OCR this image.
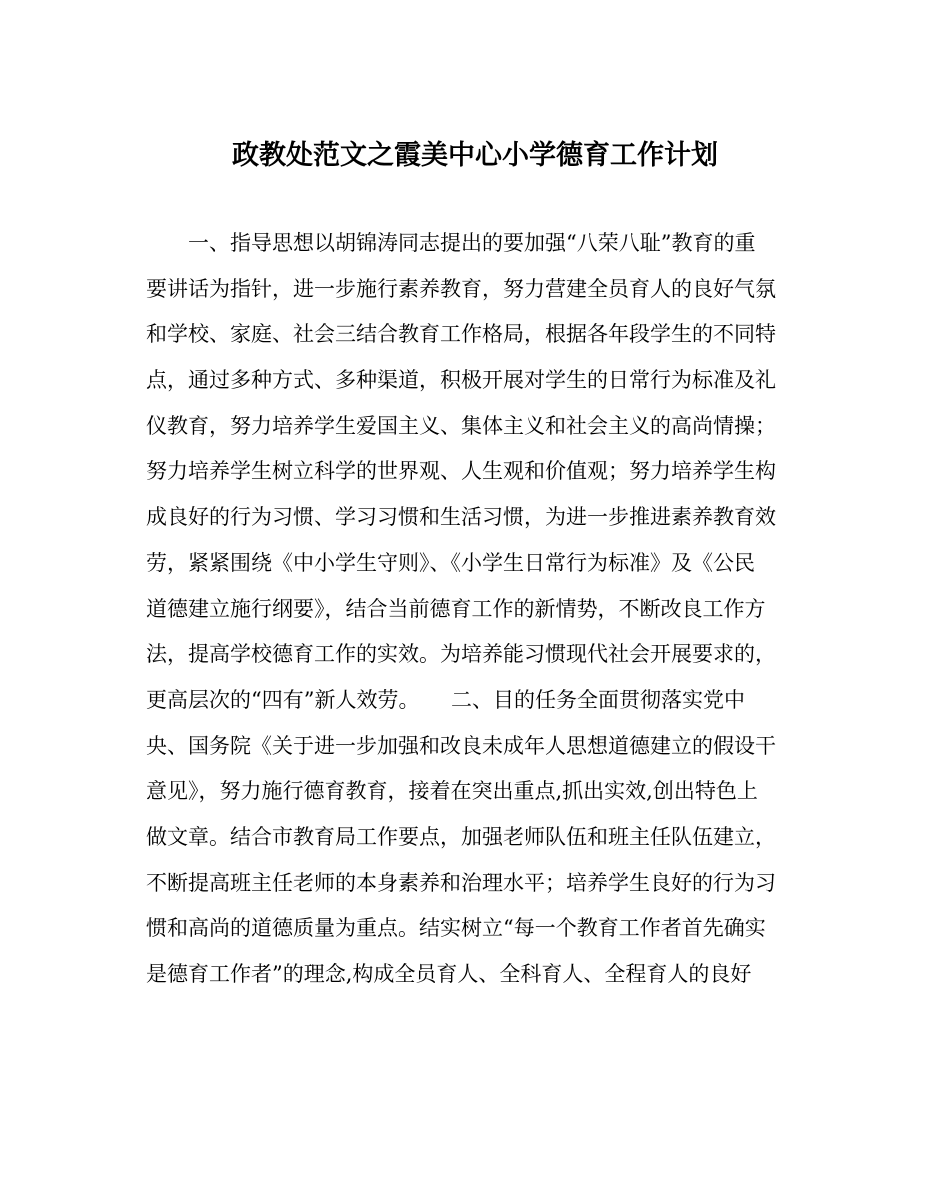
政教处范文之霞美中心小学德育工作计划
　　一、指导思想以胡锦涛同志提出的要加强“八荣八耻”教育的重
要讲话为指针，进一步施行素养教育，努力营建全员育人的良好气氛
和学校、家庭、社会三结合教育工作格局，根据各年段学生的不同特
点，通过多种方式、多种渠道，积极开展对学生的日常行为标准及礼
仪教育，努力培养学生爱国主义、集体主义和社会主义的高尚情操；
努力培养学生树立科学的世界观、人生观和价值观；努力培养学生构
成良好的行为习惯、学习习惯和生活习惯，为进一步推进素养教育效
劳，紧紧围绕《中小学生守则》、《小学生日常行为标准》及《公民
道德建立施行纲要》，结合当前德育工作的新情势，不断改良工作方
法，提高学校德育工作的实效。为培养能习惯现代社会开展要求的，
更高层次的“四有”新人效劳。　　二、目的任务全面贯彻落实党中
央、国务院《关于进一步加强和改良未成年人思想道德建立的假设干
意见》，努力施行德育教育，接着在突出重点,抓出实效,创出特色上
做文章。结合市教育局工作要点，加强老师队伍和班主任队伍建立，
不断提高班主任老师的本身素养和治理水平；培养学生良好的行为习
惯和高尚的道德质量为重点。结实树立“每一个教育工作者首先确实
是德育工作者”的理念,构成全员育人、全科育人、全程育人的良好
